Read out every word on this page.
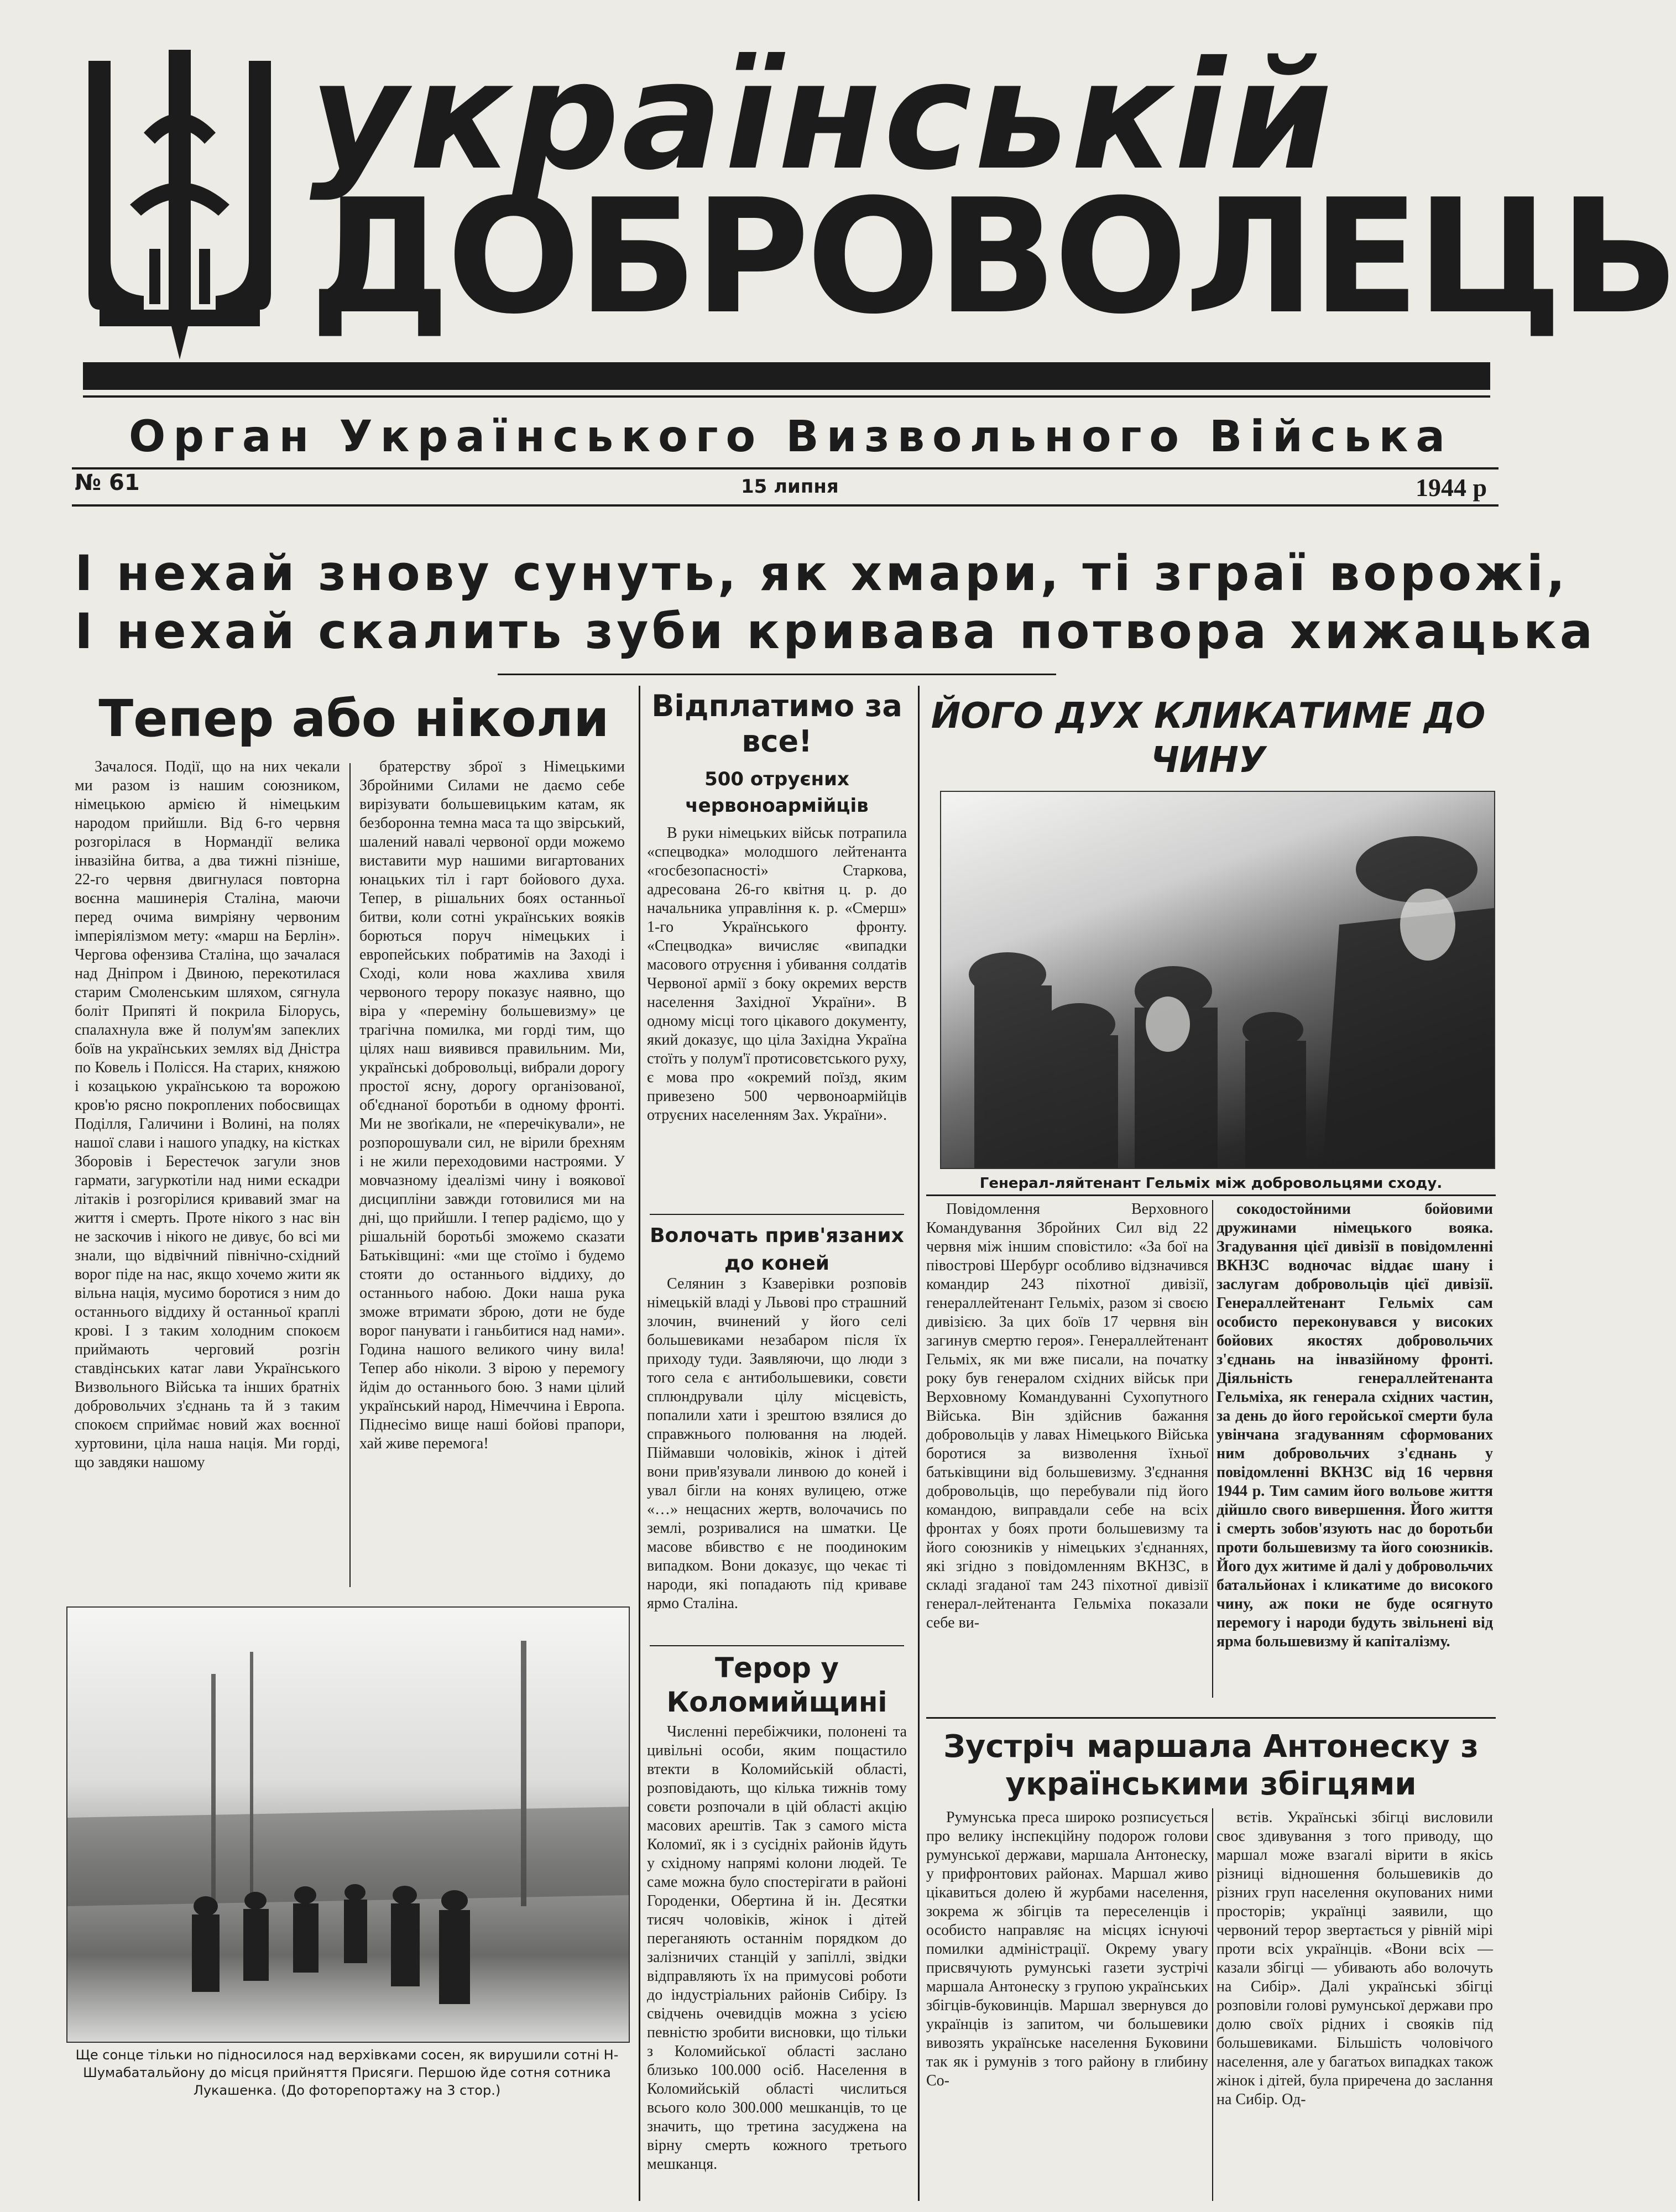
українській
ДОБРОВОЛЕЦЬ
Орган Українського Визвольного Війська
№ 61	15 липня	1944 р
І нехай знову сунуть, як хмари, ті зграї ворожі,
І нехай скалить зуби кривава потвора хижацька
Тепер або ніколи

Зачалося. Події, що на них чекали ми разом із нашим союзником, німецькою армією й німецьким народом прийшли. Від 6-го червня розгорілася в Нормандії велика інвазійна битва, а два тижні пізніше, 22-го червня двигнулася повторна воєнна машинерія Сталіна, маючи перед очима вимріяну червоним імперіялізмом мету: «марш на Берлін». Чергова офензива Сталіна, що зачалася над Дніпром і Двиною, перекотилася старим Смоленським шляхом, сягнула боліт Припяті й покрила Білорусь, спалахнула вже й полум'ям запеклих боїв на українських землях від Дністра по Ковель і Полісся. На старих, княжою і козацькою українською та ворожою кров'ю рясно покроплених побосвищах Поділля, Галичини і Волині, на полях нашої слави і нашого упадку, на кістках Зборовів і Берестечок загули знов гармати, загуркотіли над ними ескадри літаків і розгорілися кривавий змаг на життя і смерть. Проте нікого з нас він не заскочив і нікого не дивує, бо всі ми знали, що відвічний північно-східний ворог піде на нас, якщо хочемо жити як вільна нація, мусимо боротися з ним до останнього віддиху й останньої краплі крові. І з таким холодним спокоєм приймають черговий розгін ставдінських катаг лави Українського Визвольного Війська та інших братніх добровольчих з'єднань та й з таким спокоєм сприймає новий жах воєнної хуртовини, ціла наша нація. Ми горді, що завдяки нашому

братерству зброї з Німецькими Збройними Силами не даємо себе вирізувати большевицьким катам, як безборонна темна маса та що звірський, шалений навалі червоної орди можемо виставити мур нашими вигартованих юнацьких тіл і гарт бойового духа. Тепер, в рішальних боях останньої битви, коли сотні українських вояків борються поруч німецьких і европейських побратимів на Заході і Сході, коли нова жахлива хвиля червоного терору показує наявно, що віра у «переміну большевизму» це трагічна помилка, ми горді тим, що цілях наш виявився правильним. Ми, українські добровольці, вибрали дорогу простої ясну, дорогу організованої, об'єднаної боротьби в одному фронті. Ми не звоґікали, не «перечікували», не розпорошували сил, не вірили брехням і не жили переходовими настроями. У мовчазному ідеалізмі чину і воякової дисципліни завжди готовилися ми на дні, що прийшли. І тепер радіємо, що у рішальній боротьбі зможемо сказати Батьківщині: «ми ще стоїмо і будемо стояти до останнього віддиху, до останнього набою. Доки наша рука зможе втримати зброю, доти не буде ворог панувати і ганьбитися над нами». Година нашого великого чину вила! Тепер або ніколи. З вірою у перемогу йдім до останнього бою. З нами цілий український народ, Німеччина і Европа. Піднесімо вище наші бойові прапори, хай живе перемога!

Відплатимо за все!
500 отруєних червоноармійців

В руки німецьких військ потрапила «спецводка» молодшого лейтенанта «госбезопасності» Старкова, адресована 26-го квітня ц. р. до начальника управління к. р. «Смерш» 1-го Українського фронту. «Спецводка» вичисляє «випадки масового отруєння і убивання солдатів Червоної армії з боку окремих верств населення Західної України». В одному місці того цікавого документу, який доказує, що ціла Західна Україна стоїть у полум'ї протисовєтського руху, є мова про «окремий поїзд, яким привезено 500 червоноармійців отруєних населенням Зах. України».

Волочать прив'язаних до коней

Селянин з Кзаверівки розповів німецькій владі у Львові про страшний злочин, вчинений у його селі большевиками незабаром після їх приходу туди. Заявляючи, що люди з того села є антибольшевики, совєти сплюндрували цілу місцевість, попалили хати і зрештою взялися до справжнього полювання на людей. Піймавши чоловіків, жінок і дітей вони прив'язували линвою до коней і увал бігли на конях вулицею, отже «…» нещасних жертв, волочачись по землі, розривалися на шматки. Це масове вбивство є не поодиноким випадком. Вони доказує, що чекає ті народи, які попадають під криваве ярмо Сталіна.

Терор у Коломийщині

Численні перебіжчики, полонені та цивільні особи, яким пощастило втекти в Коломийській області, розповідають, що кілька тижнів тому совєти розпочали в цій області акцію масових арештів. Так з самого міста Коломиї, як і з сусідніх районів йдуть у східному напрямі колони людей. Те саме можна було спостерігати в районі Городенки, Обертина й ін. Десятки тисяч чоловіків, жінок і дітей переганяють останнім порядком до залізничих станцій у запіллі, звідки відправляють їх на примусові роботи до індустріальних районів Сибіру. Із свідчень очевидців можна з усією певністю зробити висновки, що тільки з Коломийської області заслано близько 100.000 осіб. Населення в Коломийській області числиться всього коло 300.000 мешканців, то це значить, що третина засуджена на вірну смерть кожного третього мешканця.

ЙОГО ДУХ КЛИКАТИМЕ ДО ЧИНУ
Генерал-ляйтенант Гельміх між добровольцями сходу.

Повідомлення Верховного Командування Збройних Сил від 22 червня між іншим сповістило: «За бої на півострові Шербург особливо відзначився командир 243 піхотної дивізії, генераллейтенант Гельміх, разом зі своєю дивізією. За цих боїв 17 червня він загинув смертю героя». Генераллейтенант Гельміх, як ми вже писали, на початку року був генералом східних військ при Верховному Командуванні Сухопутного Війська. Він здійснив бажання добровольців у лавах Німецького Війська боротися за визволення їхньої батьківщини від большевизму. З'єднання добровольців, що перебували під його командою, виправдали себе на всіх фронтах у боях проти большевизму та його союзників у німецьких з'єднаннях, які згідно з повідомленням ВКНЗС, в складі згаданої там 243 піхотної дивізії генерал-лейтенанта Гельміха показали себе ви-

сокодостойними бойовими дружинами німецького вояка. Згадування цієї дивізії в повідомленні ВКНЗС водночас віддає шану і заслугам добровольців цієї дивізії. Генераллейтенант Гельміх сам особисто переконувався у високих бойових якостях добровольчих з'єднань на інвазійному фронті. Діяльність генераллейтенанта Гельміха, як генерала східних частин, за день до його геройської смерти була увінчана згадуванням сформованих ним добровольчих з'єднань у повідомленні ВКНЗС від 16 червня 1944 р. Тим самим його вольове життя дійшло свого вивершення. Його життя і смерть зобов'язують нас до боротьби проти большевизму та його союзників. Його дух житиме й далі у добровольчих батальйонах і кликатиме до високого чину, аж поки не буде осягнуто перемогу і народи будуть звільнені від ярма большевизму й капіталізму.

Зустріч маршала Антонеску з українськими збігцями

Румунська преса широко розписується про велику інспекційну подорож голови румунської держави, маршала Антонеску, у прифронтових районах. Маршал живо цікавиться долею й журбами населення, зокрема ж збігців та переселенців і особисто направляє на місцях існуючі помилки адміністрації. Окрему увагу присвячують румунські газети зустрічі маршала Антонеску з групою українських збігців-буковинців. Маршал звернувся до українців із запитом, чи большевики вивозять українське населення Буковини так як і румунів з того району в глибину Со-

вєтів. Українські збігці висловили своє здивування з того приводу, що маршал може взагалі вірити в якісь різниці відношення большевиків до різних груп населення окупованих ними просторів; українці заявили, що червоний терор звертається у рівній мірі проти всіх українців. «Вони всіх — казали збігці — убивають або волочуть на Сибір». Далі українські збігці розповіли голові румунської держави про долю своїх рідних і свояків під большевиками. Більшість чоловічого населення, але у багатьох випадках також жінок і дітей, була приречена до заслання на Сибір. Од-

Ще сонце тільки но підносилося над верхівками сосен, як вирушили сотні Н-Шумабатальйону до місця прийняття Присяги. Першою йде сотня сотника Лукашенка. (До фоторепортажу на 3 стор.)
